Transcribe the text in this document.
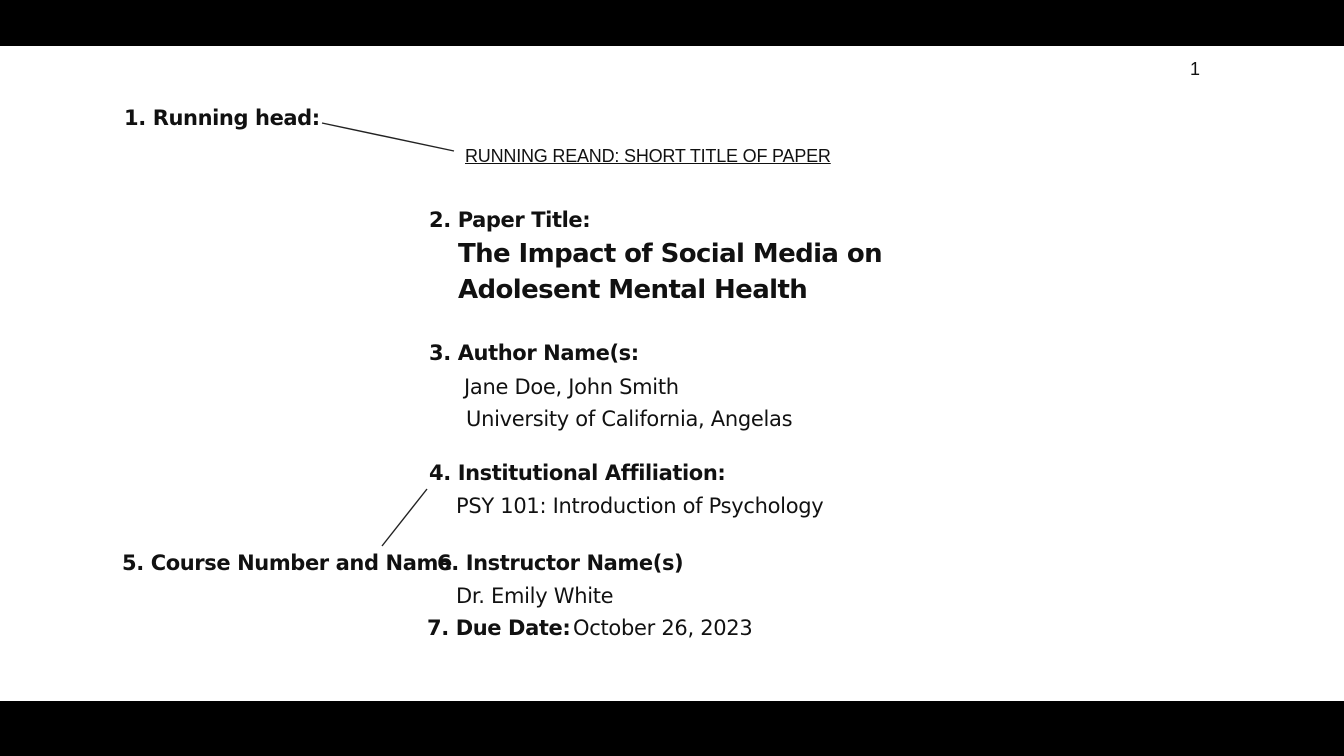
1
1. Running head:
RUNNING REAND: SHORT TITLE OF PAPER
2. Paper Title:
The Impact of Social Media on
Adolesent Mental Health
3. Author Name(s:
Jane Doe, John Smith
University of California, Angelas
4. Institutional Affiliation:
PSY 101: Introduction of Psychology
5. Course Number and Name
6. Instructor Name(s)
Dr. Emily White
7. Due Date: October 26, 2023
